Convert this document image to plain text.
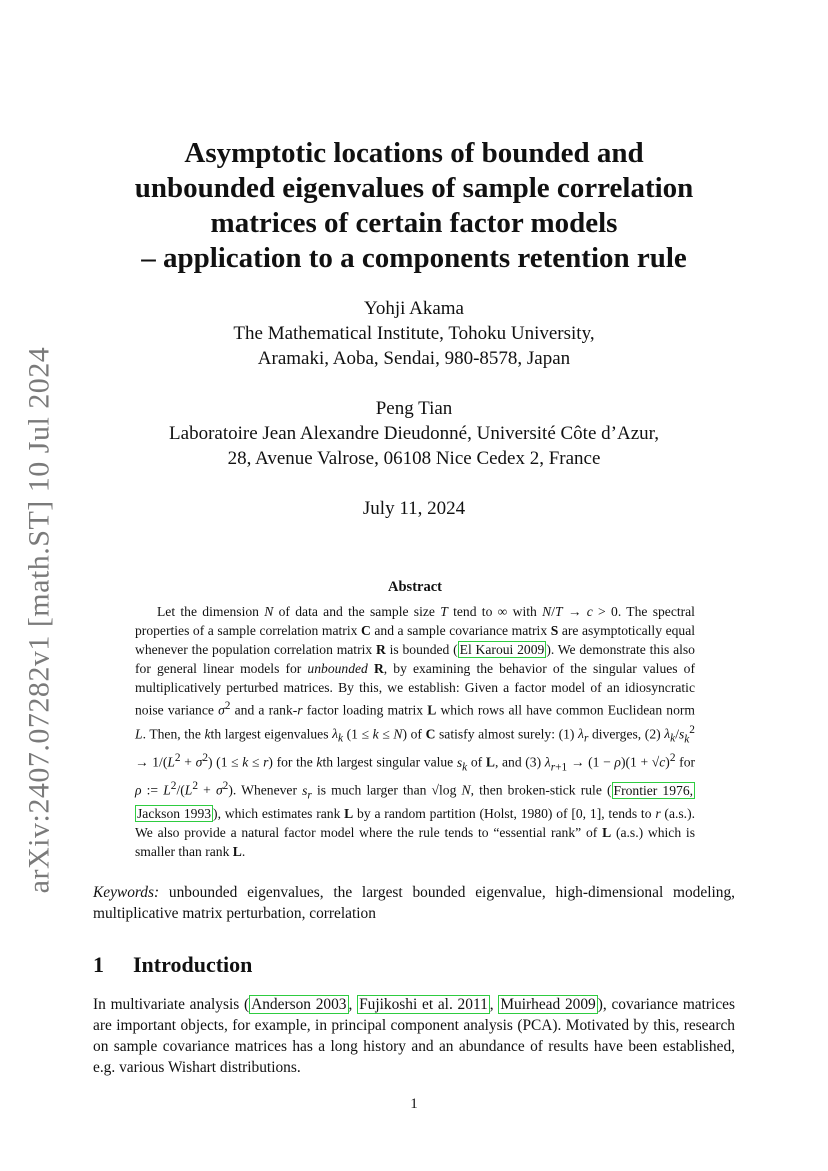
arXiv:2407.07282v1 [math.ST] 10 Jul 2024
Asymptotic locations of bounded and
unbounded eigenvalues of sample correlation
matrices of certain factor models
– application to a components retention rule
Yohji Akama
The Mathematical Institute, Tohoku University,
Aramaki, Aoba, Sendai, 980-8578, Japan
Peng Tian
Laboratoire Jean Alexandre Dieudonné, Université Côte d’Azur,
28, Avenue Valrose, 06108 Nice Cedex 2, France
July 11, 2024
Abstract

Let the dimension N of data and the sample size T tend to ∞ with N/T → c > 0. The spectral properties of a sample correlation matrix C and a sample covariance matrix S are asymptotically equal whenever the population correlation matrix R is bounded ( El Karoui 2009 ). We demonstrate this also for general linear models for unbounded R, by examining the behavior of the singular values of multiplicatively perturbed matrices. By this, we establish: Given a factor model of an idiosyncratic noise variance $\sigma^2$ and a rank-r factor loading matrix L which rows all have common Euclidean norm L. Then, the kth largest eigenvalues $\lambda_k$ (1 ≤ k ≤ N) of C satisfy almost surely: (1) $\lambda_r$ diverges, (2) $\lambda_k/s_k^2 \to 1/(L^2 + \sigma^2) (1 \le k \le r)$ for the kth largest singular value $s_k$ of L, and (3) $\lambda_{r+1} \to (1 - \rho)(1 + √c)^2$ for ρ := $L^2/(L^2 + \sigma^2)$. Whenever $s_r$ is much larger than √log N, then broken-stick rule ( Frontier 1976, Jackson 1993 ), which estimates rank L by a random partition (Holst, 1980) of [0, 1], tends to r (a.s.). We also provide a natural factor model where the rule tends to “essential rank” of L (a.s.) which is smaller than rank L.

Keywords: unbounded eigenvalues, the largest bounded eigenvalue, high-dimensional modeling, multiplicative matrix perturbation, correlation
1 Introduction

In multivariate analysis ( Anderson 2003 , Fujikoshi et al. 2011 , Muirhead 2009 ), covariance matrices are important objects, for example, in principal component analysis (PCA). Motivated by this, research on sample covariance matrices has a long history and an abundance of results have been established, e.g. various Wishart distributions.

1
